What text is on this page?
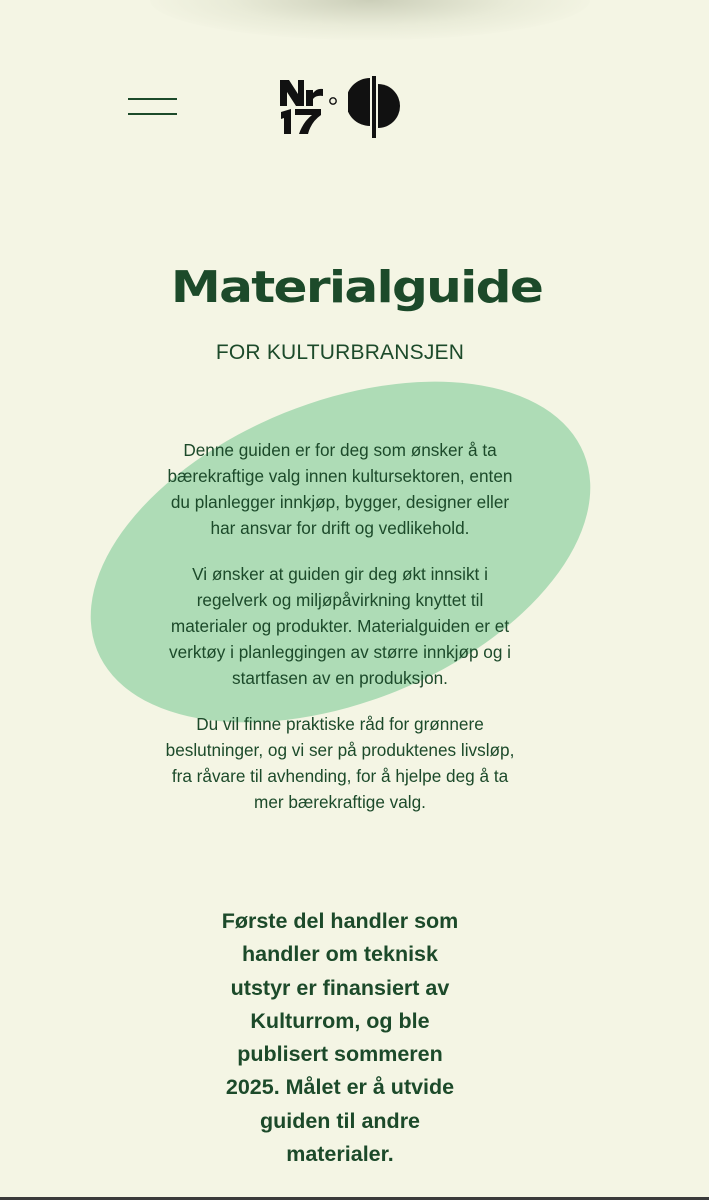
Materialguide
FOR KULTURBRANSJEN

Denne guiden er for deg som ønsker å ta bærekraftige valg innen kultursektoren, enten du planlegger innkjøp, bygger, designer eller har ansvar for drift og vedlikehold.

Vi ønsker at guiden gir deg økt innsikt i regelverk og miljøpåvirkning knyttet til materialer og produkter. Materialguiden er et verktøy i planleggingen av større innkjøp og i startfasen av en produksjon.

Du vil finne praktiske råd for grønnere beslutninger, og vi ser på produktenes livsløp, fra råvare til avhending, for å hjelpe deg å ta mer bærekraftige valg.

Første del handler som handler om teknisk utstyr er finansiert av Kulturrom, og ble publisert sommeren 2025. Målet er å utvide guiden til andre materialer.
